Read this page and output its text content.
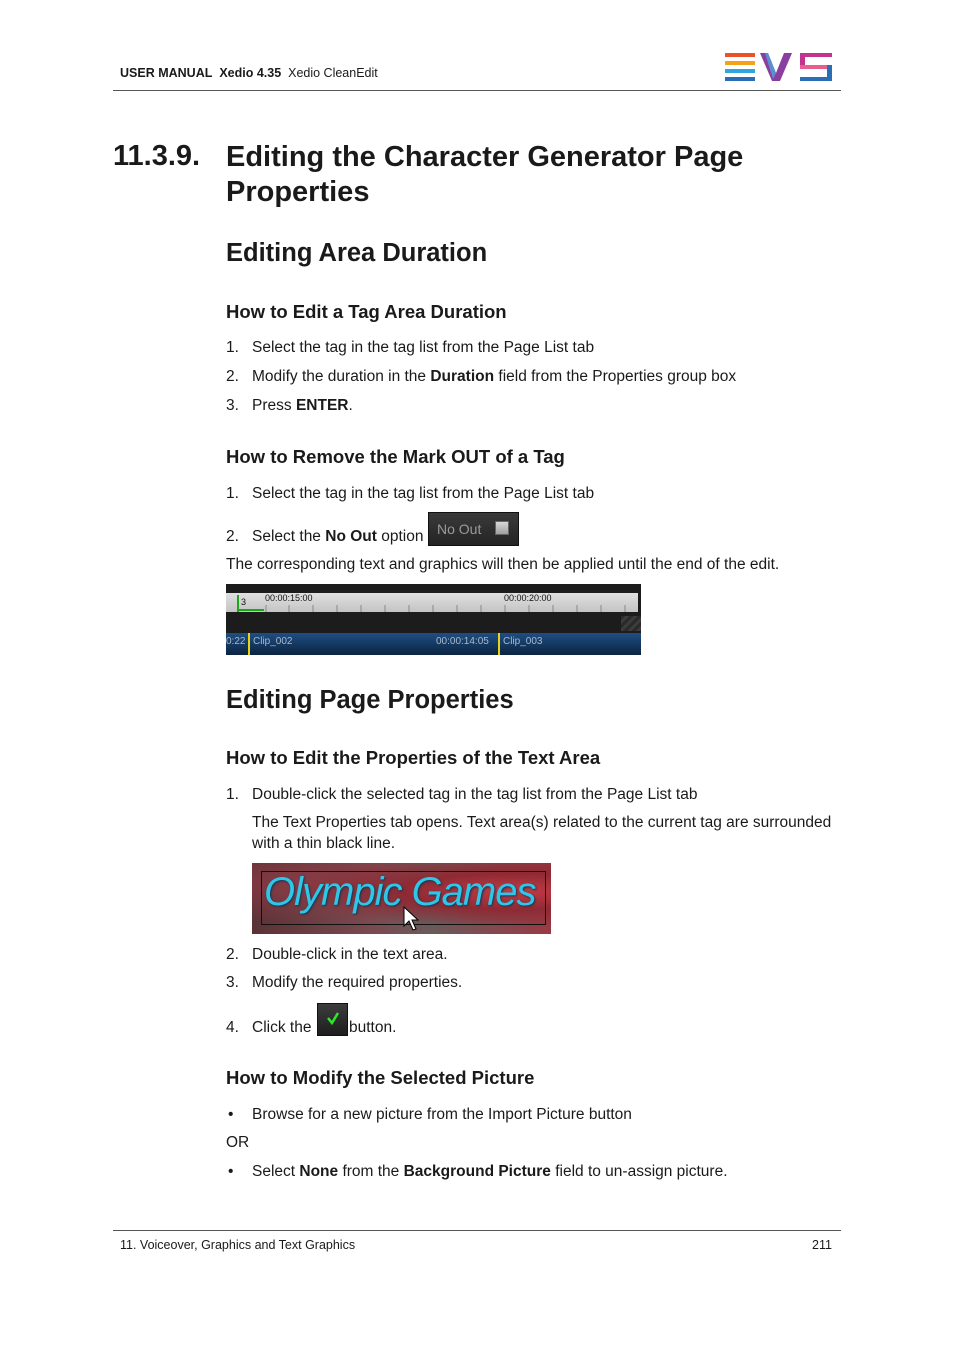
USER MANUAL Xedio 4.35 Xedio CleanEdit
11.3.9. Editing the Character Generator Page Properties
Editing Area Duration
How to Edit a Tag Area Duration
1. Select the tag in the tag list from the Page List tab
2. Modify the duration in the Duration field from the Properties group box
3. Press ENTER.
How to Remove the Mark OUT of a Tag
1. Select the tag in the tag list from the Page List tab
2. Select the No Out option No Out
The corresponding text and graphics will then be applied until the end of the edit.
3 00:00:15:00	00:00:20:00
0:22 Clip_002	00:00:14:05 Clip_003
Editing Page Properties
How to Edit the Properties of the Text Area
1. Double-click the selected tag in the tag list from the Page List tab
The Text Properties tab opens. Text area(s) related to the current tag are surrounded
with a thin black line.
Olympic Games
2. Double-click in the text area.
3. Modify the required properties.
4. Click the button.
How to Modify the Selected Picture
• Browse for a new picture from the Import Picture button
OR
• Select None from the Background Picture field to un-assign picture.
11. Voiceover, Graphics and Text Graphics	211
